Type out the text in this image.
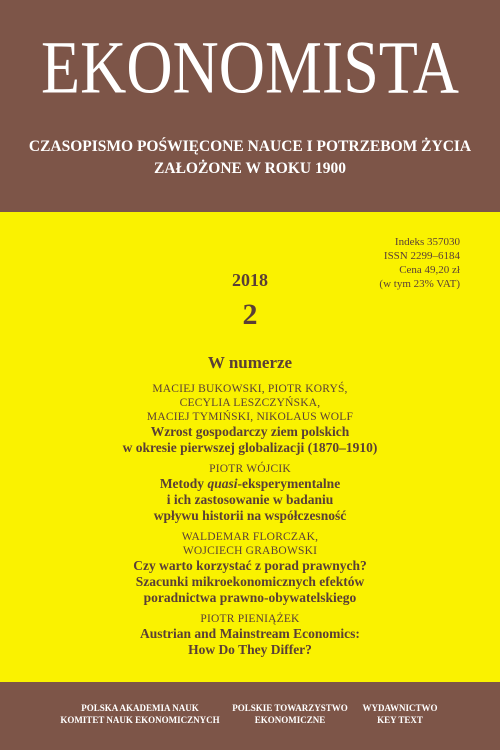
EKONOMISTA
CZASOPISMO POŚWIĘCONE NAUCE I POTRZEBOM ŻYCIA
ZAŁOŻONE W ROKU 1900
Indeks 357030
ISSN 2299–6184
Cena 49,20 zł
(w tym 23% VAT)
2018
2
W numerze
MACIEJ BUKOWSKI, PIOTR KORYŚ,
CECYLIA LESZCZYŃSKA,
MACIEJ TYMIŃSKI, NIKOLAUS WOLF
Wzrost gospodarczy ziem polskich
w okresie pierwszej globalizacji (1870–1910)
PIOTR WÓJCIK
Metody quasi-eksperymentalne
i ich zastosowanie w badaniu
wpływu historii na współczesność
WALDEMAR FLORCZAK,
WOJCIECH GRABOWSKI
Czy warto korzystać z porad prawnych?
Szacunki mikroekonomicznych efektów
poradnictwa prawno-obywatelskiego
PIOTR PIENIĄŻEK
Austrian and Mainstream Economics:
How Do They Differ?
POLSKA AKADEMIA NAUK
KOMITET NAUK EKONOMICZNYCH
POLSKIE TOWARZYSTWO
EKONOMICZNE
WYDAWNICTWO
KEY TEXT
